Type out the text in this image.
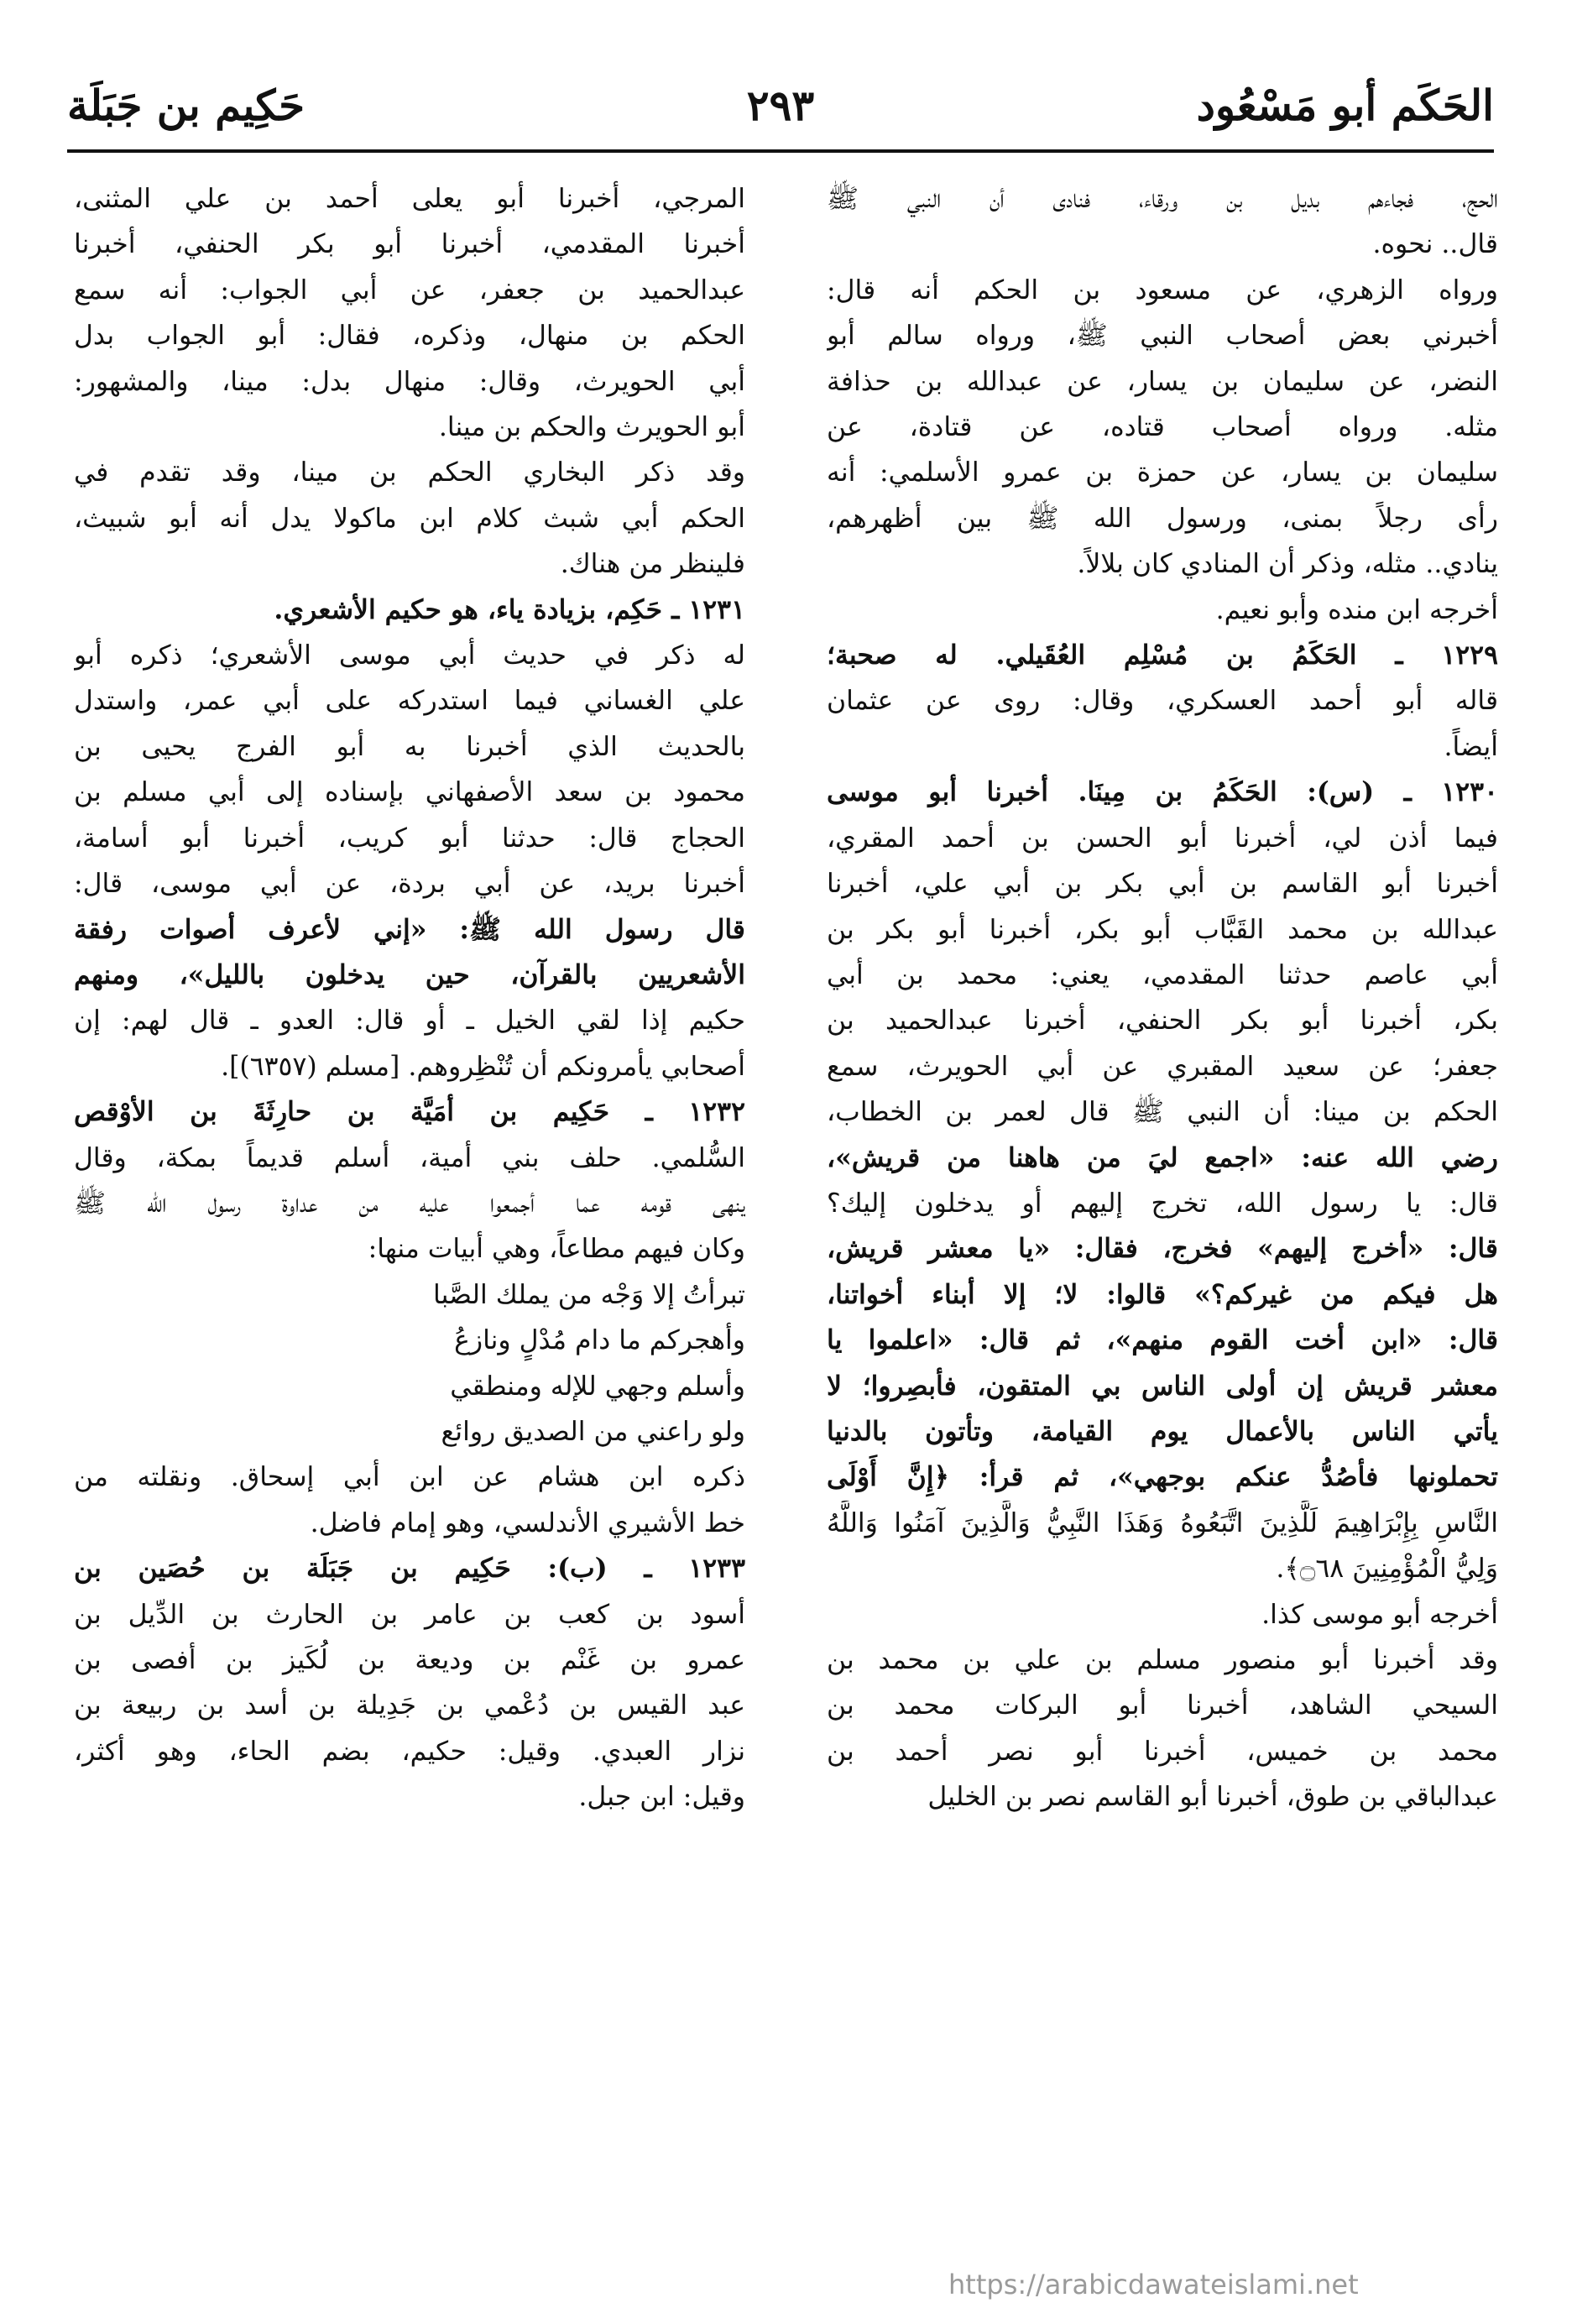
الحَكَم أبو مَسْعُود
٢٩٣
حَكِيم بن جَبَلَة
الحج، فجاءهم بديل بن ورقاء، فنادى أن النبي ﷺ
قال.. نحوه.
ورواه الزهري، عن مسعود بن الحكم أنه قال:
أخبرني بعض أصحاب النبي ﷺ، ورواه سالم أبو
النضر، عن سليمان بن يسار، عن عبدالله بن حذافة
مثله. ورواه أصحاب قتاده، عن قتادة، عن
سليمان بن يسار، عن حمزة بن عمرو الأسلمي: أنه
رأى رجلاً بمنى، ورسول الله ﷺ بين أظهرهم،
ينادي.. مثله، وذكر أن المنادي كان بلالاً.
أخرجه ابن منده وأبو نعيم.
١٢٢٩ ـ الحَكَمُ بن مُسْلِم العُقَيلي. له صحبة؛
قاله أبو أحمد العسكري، وقال: روى عن عثمان
أيضاً.
١٢٣٠ ـ (س): الحَكَمُ بن مِينَا. أخبرنا أبو موسى
فيما أذن لي، أخبرنا أبو الحسن بن أحمد المقري،
أخبرنا أبو القاسم بن أبي بكر بن أبي علي، أخبرنا
عبدالله بن محمد القَبَّاب أبو بكر، أخبرنا أبو بكر بن
أبي عاصم حدثنا المقدمي، يعني: محمد بن أبي
بكر، أخبرنا أبو بكر الحنفي، أخبرنا عبدالحميد بن
جعفر؛ عن سعيد المقبري عن أبي الحويرث، سمع
الحكم بن مينا: أن النبي ﷺ قال لعمر بن الخطاب،
رضي الله عنه: «اجمع ليَ من هاهنا من قريش»،
قال: يا رسول الله، تخرج إليهم أو يدخلون إليك؟
قال: «أخرج إليهم» فخرج، فقال: «يا معشر قريش،
هل فيكم من غيركم؟» قالوا: لا؛ إلا أبناء أخواتنا،
قال: «ابن أخت القوم منهم»، ثم قال: «اعلموا يا
معشر قريش إن أولى الناس بي المتقون، فأبصِروا؛ لا
يأتي الناس بالأعمال يوم القيامة، وتأتون بالدنيا
تحملونها فأصُدُّ عنكم بوجهي»، ثم قرأ: ﴿إِنَّ أَوْلَى
النَّاسِ بِإِبْرَاهِيمَ لَلَّذِينَ اتَّبَعُوهُ وَهَذَا النَّبِيُّ وَالَّذِينَ آمَنُوا وَاللَّهُ
وَلِيُّ الْمُؤْمِنِينَ ۝٦٨﴾.
أخرجه أبو موسى كذا.
وقد أخبرنا أبو منصور مسلم بن علي بن محمد بن
السيحي الشاهد، أخبرنا أبو البركات محمد بن
محمد بن خميس، أخبرنا أبو نصر أحمد بن
عبدالباقي بن طوق، أخبرنا أبو القاسم نصر بن الخليل
المرجي، أخبرنا أبو يعلى أحمد بن علي المثنى،
أخبرنا المقدمي، أخبرنا أبو بكر الحنفي، أخبرنا
عبدالحميد بن جعفر، عن أبي الجواب: أنه سمع
الحكم بن منهال، وذكره، فقال: أبو الجواب بدل
أبي الحويرث، وقال: منهال بدل: مينا، والمشهور:
أبو الحويرث والحكم بن مينا.
وقد ذكر البخاري الحكم بن مينا، وقد تقدم في
الحكم أبي شبث كلام ابن ماكولا يدل أنه أبو شبيث،
فلينظر من هناك.
١٢٣١ ـ حَكِم، بزيادة ياء، هو حكيم الأشعري.
له ذكر في حديث أبي موسى الأشعري؛ ذكره أبو
علي الغساني فيما استدركه على أبي عمر، واستدل
بالحديث الذي أخبرنا به أبو الفرج يحيى بن
محمود بن سعد الأصفهاني بإسناده إلى أبي مسلم بن
الحجاج قال: حدثنا أبو كريب، أخبرنا أبو أسامة،
أخبرنا بريد، عن أبي بردة، عن أبي موسى، قال:
قال رسول الله ﷺ: «إني لأعرف أصوات رفقة
الأشعريين بالقرآن، حين يدخلون بالليل»، ومنهم
حكيم إذا لقي الخيل ـ أو قال: العدو ـ قال لهم: إن
أصحابي يأمرونكم أن تُنْظِروهم. [مسلم (٦٣٥٧)].
١٢٣٢ ـ حَكِيم بن أمَيَّة بن حارِثَةَ بن الأوْقص
السُّلمي. حلف بني أمية، أسلم قديماً بمكة، وقال
ينهى قومه عما أجمعوا عليه من عداوة رسول الله ﷺ
وكان فيهم مطاعاً، وهي أبيات منها:
تبرأتُ إلا وَجْه من يملك الصَّبا
وأهجركم ما دام مُدْلٍ ونازعُ
وأسلم وجهي للإله ومنطقي
ولو راعني من الصديق روائع
ذكره ابن هشام عن ابن أبي إسحاق. ونقلته من
خط الأشيري الأندلسي، وهو إمام فاضل.
١٢٣٣ ـ (ب): حَكِيم بن جَبَلَة بن حُصَين بن
أسود بن كعب بن عامر بن الحارث بن الدِّيل بن
عمرو بن غَنْم بن وديعة بن لُكَيز بن أفصى بن
عبد القيس بن دُعْمي بن جَدِيلة بن أسد بن ربيعة بن
نزار العبدي. وقيل: حكيم، بضم الحاء، وهو أكثر،
وقيل: ابن جبل.
https://arabicdawateislami.net
